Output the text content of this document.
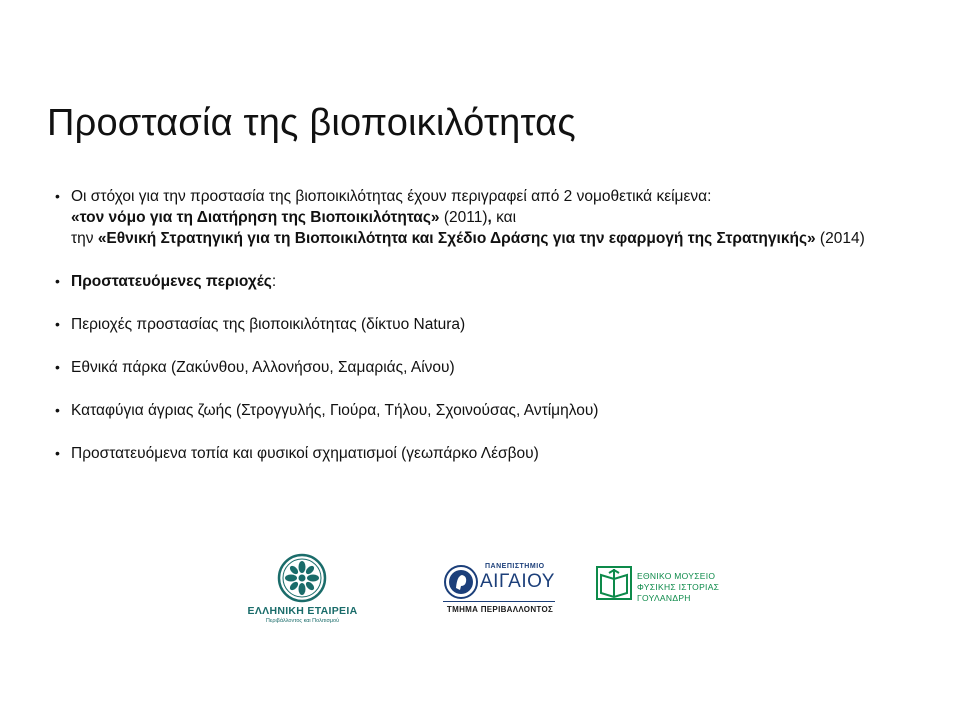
Προστασία της βιοποικιλότητας
• Οι στόχοι για την προστασία της βιοποικιλότητας έχουν περιγραφεί από 2 νομοθετικά κείμενα:
«τον νόμο για τη Διατήρηση της Βιοποικιλότητας» (2011), και
την «Εθνική Στρατηγική για τη Βιοποικιλότητα και Σχέδιο Δράσης για την εφαρμογή της Στρατηγικής» (2014)
• Προστατευόμενες περιοχές:
• Περιοχές προστασίας της βιοποικιλότητας (δίκτυο Natura)
• Εθνικά πάρκα (Ζακύνθου, Αλλονήσου, Σαμαριάς, Αίνου)
• Καταφύγια άγριας ζωής (Στρογγυλής, Γιούρα, Τήλου, Σχοινούσας, Αντίμηλου)
• Προστατευόμενα τοπία και φυσικοί σχηματισμοί (γεωπάρκο Λέσβου)
ΕΛΛΗΝΙΚΗ ΕΤΑΙΡΕΙΑ
Περιβάλλοντος και Πολιτισμού
ΠΑΝΕΠΙΣΤΗΜΙΟ
ΑΙΓΑΙΟΥ
ΤΜΗΜΑ ΠΕΡΙΒΑΛΛΟΝΤΟΣ
ΕΘΝΙΚΟ ΜΟΥΣΕΙΟ
ΦΥΣΙΚΗΣ ΙΣΤΟΡΙΑΣ
ΓΟΥΛΑΝΔΡΗ
